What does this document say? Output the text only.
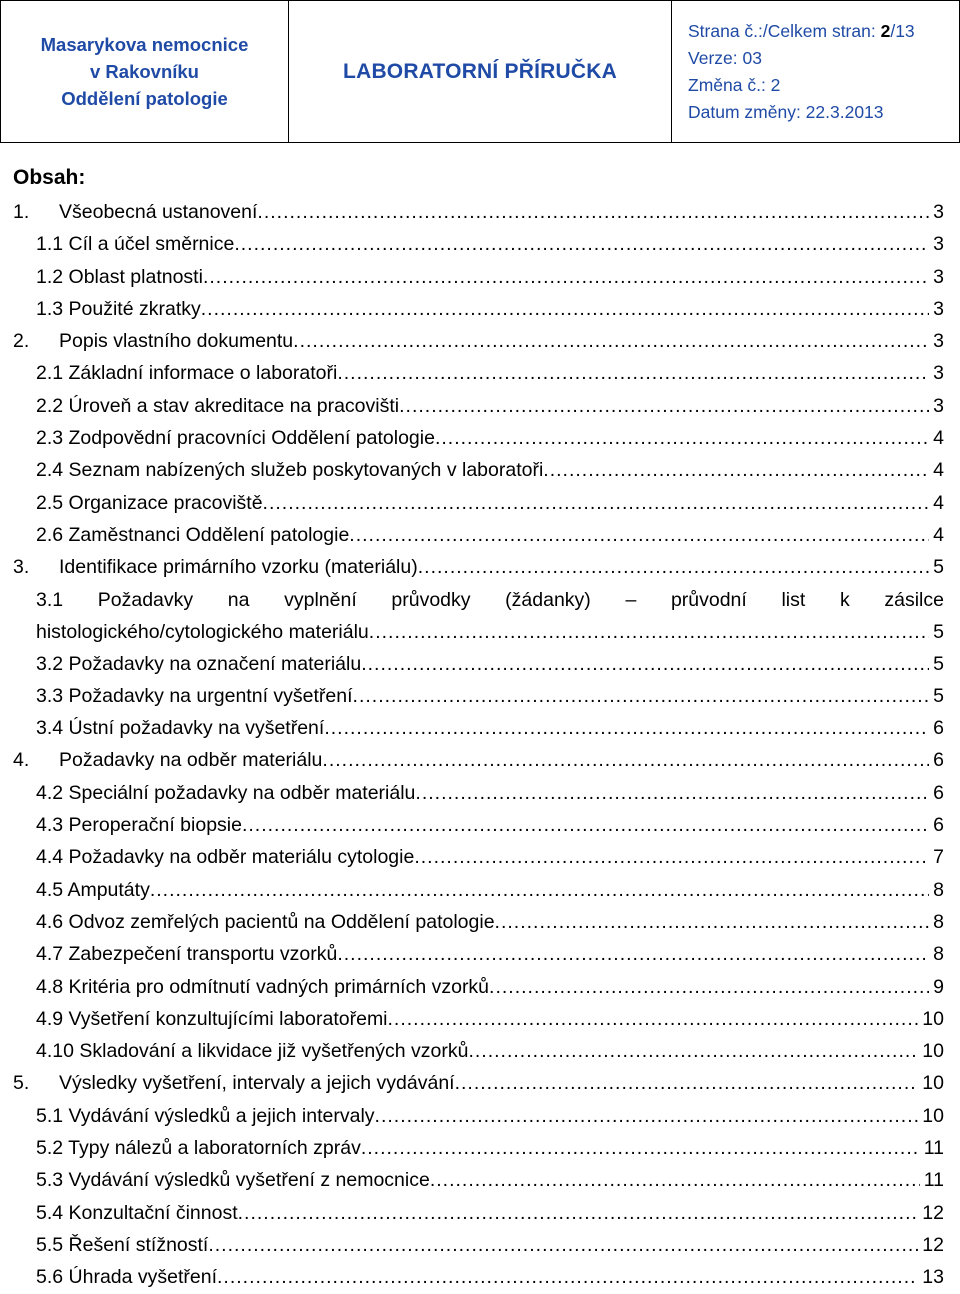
Masarykova nemocnice
v Rakovníku
Oddělení patologie
	LABORATORNÍ PŘÍRUČKA	
Strana č.:/Celkem stran: 2/13
Verze: 03
Změna č.: 2
Datum změny: 22.3.2013
Obsah:
1. Všeobecná ustanovení .....	3
1.1 Cíl a účel směrnice .....	3
1.2 Oblast platnosti .....	3
1.3 Použité zkratky .....	3
2. Popis vlastního dokumentu .....	3
2.1 Základní informace o laboratoři .....	3
2.2 Úroveň a stav akreditace na pracovišti .....	3
2.3 Zodpovědní pracovníci Oddělení patologie .....	4
2.4 Seznam nabízených služeb poskytovaných v laboratoři .....	4
2.5 Organizace pracoviště .....	4
2.6 Zaměstnanci Oddělení patologie .....	4
3. Identifikace primárního vzorku (materiálu) .....	5
3.1 Požadavky na vyplnění průvodky (žádanky) – průvodní list k zásilce
histologického/cytologického materiálu .....	5
3.2 Požadavky na označení materiálu .....	5
3.3 Požadavky na urgentní vyšetření .....	5
3.4 Ústní požadavky na vyšetření .....	6
4. Požadavky na odběr materiálu .....	6
4.2 Speciální požadavky na odběr materiálu .....	6
4.3 Peroperační biopsie .....	6
4.4 Požadavky na odběr materiálu cytologie .....	7
4.5 Amputáty .....	8
4.6 Odvoz zemřelých pacientů na Oddělení patologie .....	8
4.7 Zabezpečení transportu vzorků .....	8
4.8 Kritéria pro odmítnutí vadných primárních vzorků .....	9
4.9 Vyšetření konzultujícími laboratořemi .....	10
4.10 Skladování a likvidace již vyšetřených vzorků .....	10
5. Výsledky vyšetření, intervaly a jejich vydávání .....	10
5.1 Vydávání výsledků a jejich intervaly .....	10
5.2 Typy nálezů a laboratorních zpráv .....	11
5.3 Vydávání výsledků vyšetření z nemocnice .....	11
5.4 Konzultační činnost .....	12
5.5 Řešení stížností .....	12
5.6 Úhrada vyšetření .....	13
